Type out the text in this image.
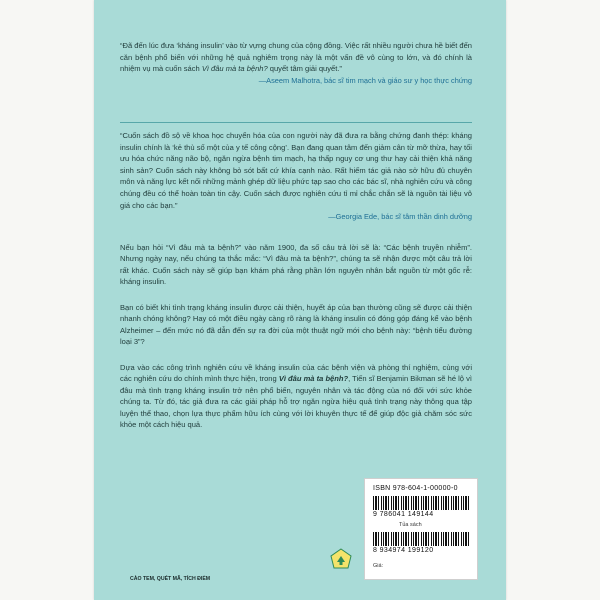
“Đã đến lúc đưa ‘kháng insulin’ vào từ vựng chung của cộng đồng. Việc rất nhiều người chưa hề biết đến căn bệnh phổ biến với những hệ quả nghiêm trọng này là một vấn đề vô cùng to lớn, và đó chính là nhiệm vụ mà cuốn sách Vì đâu mà ta bệnh? quyết tâm giải quyết.”
—Aseem Malhotra, bác sĩ tim mạch và giáo sư y học thực chứng

“Cuốn sách đồ sộ về khoa học chuyển hóa của con người này đã đưa ra bằng chứng đanh thép: kháng insulin chính là ‘kẻ thù số một của y tế công cộng’. Bạn đang quan tâm đến giảm cân từ mỡ thừa, hay tối ưu hóa chức năng não bộ, ngăn ngừa bệnh tim mạch, hạ thấp nguy cơ ung thư hay cải thiện khả năng sinh sản? Cuốn sách này không bỏ sót bất cứ khía cạnh nào. Rất hiếm tác giả nào sở hữu đủ chuyên môn và năng lực kết nối những mảnh ghép dữ liệu phức tạp sao cho các bác sĩ, nhà nghiên cứu và công chúng đều có thể hoàn toàn tin cậy. Cuốn sách được nghiên cứu tỉ mỉ chắc chắn sẽ là nguồn tài liệu vô giá cho các bạn.”
—Georgia Ede, bác sĩ tâm thần dinh dưỡng

Nếu bạn hỏi “Vì đâu mà ta bệnh?” vào năm 1900, đa số câu trả lời sẽ là: “Các bệnh truyền nhiễm”. Nhưng ngày nay, nếu chúng ta thắc mắc: “Vì đâu mà ta bệnh?”, chúng ta sẽ nhận được một câu trả lời rất khác. Cuốn sách này sẽ giúp bạn khám phá rằng phần lớn nguyên nhân bắt nguồn từ một gốc rễ: kháng insulin.

Bạn có biết khi tình trạng kháng insulin được cải thiện, huyết áp của bạn thường cũng sẽ được cải thiện nhanh chóng không? Hay có một điều ngày càng rõ ràng là kháng insulin có đóng góp đáng kể vào bệnh Alzheimer – đến mức nó đã dẫn đến sự ra đời của một thuật ngữ mới cho bệnh này: “bệnh tiểu đường loại 3”?

Dựa vào các công trình nghiên cứu về kháng insulin của các bệnh viện và phòng thí nghiệm, cùng với các nghiên cứu do chính mình thực hiện, trong Vì đâu mà ta bệnh?, Tiến sĩ Benjamin Bikman sẽ hé lộ vì đâu mà tình trạng kháng insulin trở nên phổ biến, nguyên nhân và tác động của nó đối với sức khỏe chúng ta. Từ đó, tác giả đưa ra các giải pháp hỗ trợ ngăn ngừa hiệu quả tình trạng này thông qua tập luyện thể thao, chọn lựa thực phẩm hữu ích cùng với lời khuyên thực tế để giúp độc giả chăm sóc sức khỏe một cách hiệu quả.

CÀO TEM, QUÉT MÃ, TÍCH ĐIỂM
ISBN 978-604-1-00000-0
9 786041 149144
Tủa sách
8 934974 199120
Giá:
